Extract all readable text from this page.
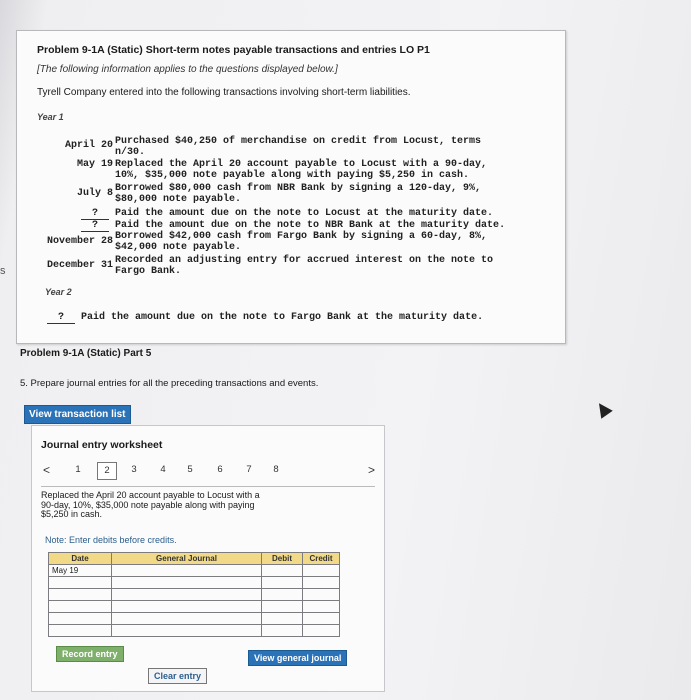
s
Problem 9-1A (Static) Short-term notes payable transactions and entries LO P1
[The following information applies to the questions displayed below.]
Tyrell Company entered into the following transactions involving short-term liabilities.
Year 1
April 20 Purchased $40,250 of merchandise on credit from Locust, terms
n/30.
May 19 Replaced the April 20 account payable to Locust with a 90-day,
10%, $35,000 note payable along with paying $5,250 in cash.
July 8 Borrowed $80,000 cash from NBR Bank by signing a 120-day, 9%,
$80,000 note payable.
?	Paid the amount due on the note to Locust at the maturity date.
?	Paid the amount due on the note to NBR Bank at the maturity date.
November 28 Borrowed $42,000 cash from Fargo Bank by signing a 60-day, 8%,
$42,000 note payable.
December 31 Recorded an adjusting entry for accrued interest on the note to
Fargo Bank.
Year 2
?	Paid the amount due on the note to Fargo Bank at the maturity date.
Problem 9-1A (Static) Part 5
5. Prepare journal entries for all the preceding transactions and events.
View transaction list
Journal entry worksheet
<	1	2	3	4	5	6	7	8	>
Replaced the April 20 account payable to Locust with a
90-day, 10%, $35,000 note payable along with paying
$5,250 in cash.
Note: Enter debits before credits.
Date	General Journal	Debit	Credit
May 19			

Record entry	View general journal
Clear entry
